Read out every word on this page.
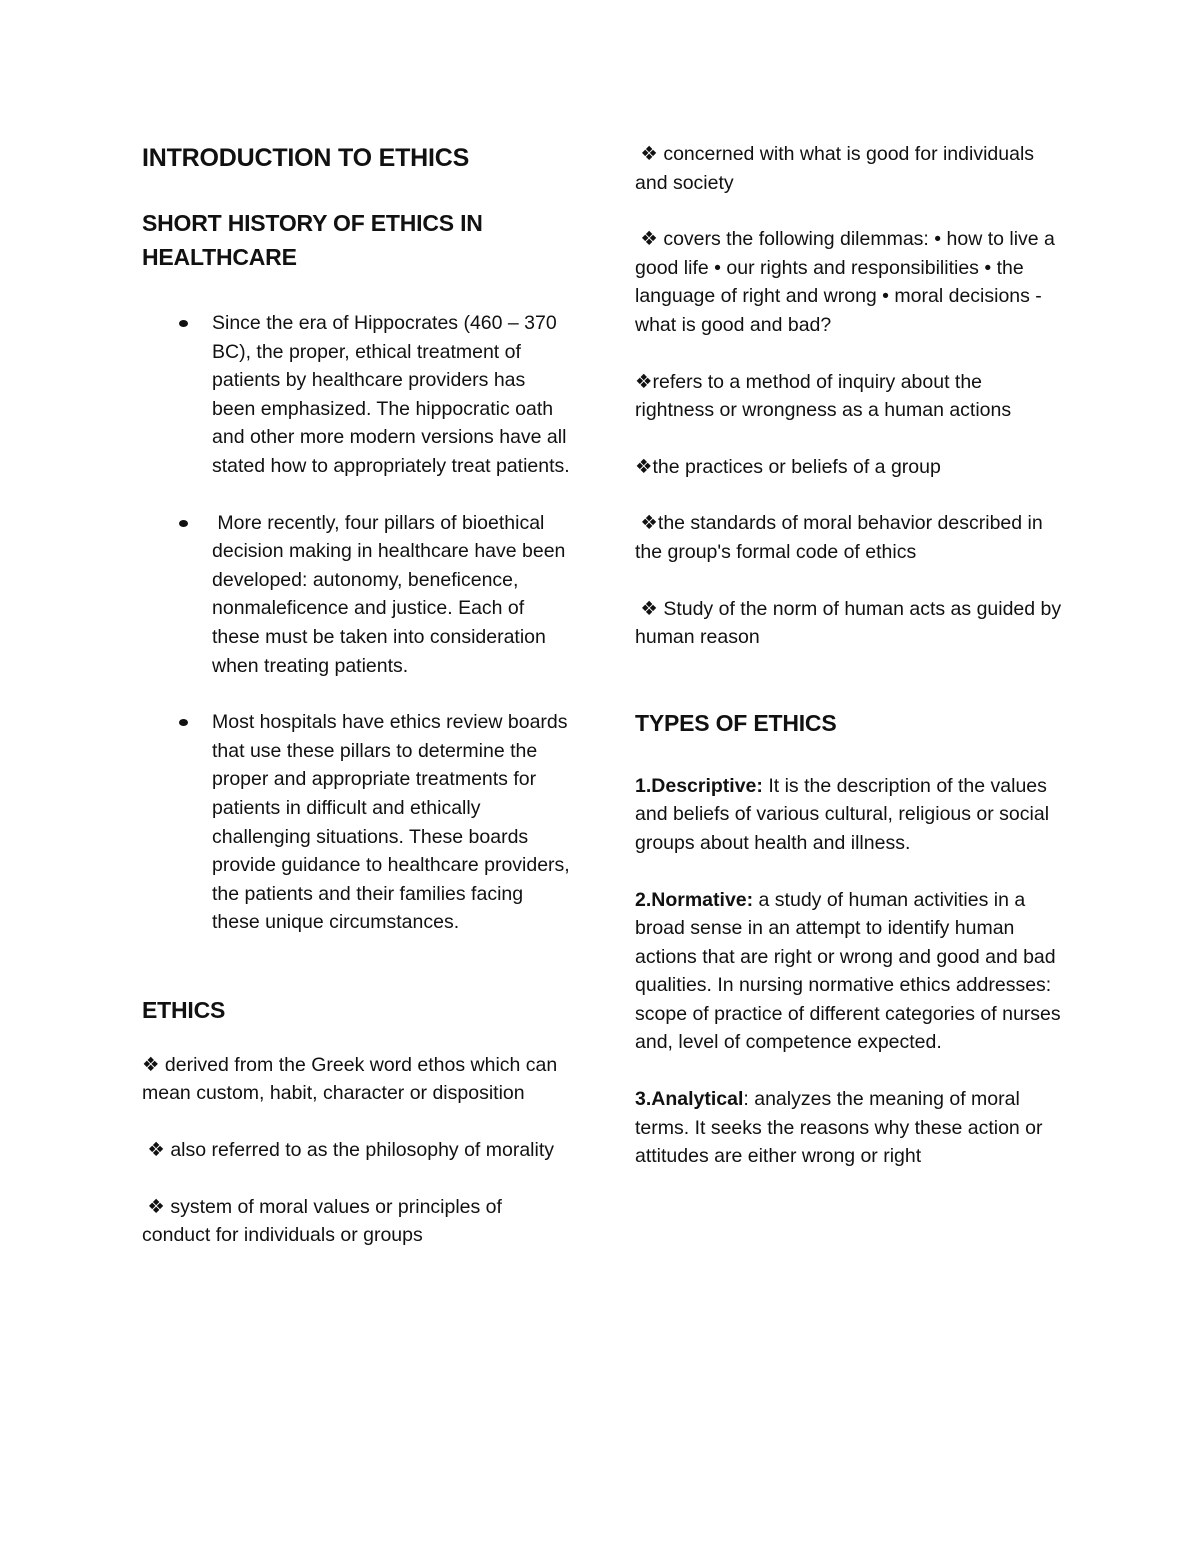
INTRODUCTION TO ETHICS
SHORT HISTORY OF ETHICS IN
HEALTHCARE
Since the era of Hippocrates (460 – 370 BC), the proper, ethical treatment of patients by healthcare providers has been emphasized. The hippocratic oath and other more modern versions have all stated how to appropriately treat patients.
More recently, four pillars of bioethical decision making in healthcare have been developed: autonomy, beneficence, nonmaleficence and justice. Each of these must be taken into consideration when treating patients.
Most hospitals have ethics review boards that use these pillars to determine the proper and appropriate treatments for patients in difficult and ethically challenging situations. These boards provide guidance to healthcare providers, the patients and their families facing these unique circumstances.
ETHICS

❖ derived from the Greek word ethos which can mean custom, habit, character or disposition

❖ also referred to as the philosophy of morality

❖ system of moral values or principles of conduct for individuals or groups

❖ concerned with what is good for individuals and society

❖ covers the following dilemmas: • how to live a good life • our rights and responsibilities • the language of right and wrong • moral decisions - what is good and bad?

❖refers to a method of inquiry about the rightness or wrongness as a human actions

❖the practices or beliefs of a group

❖the standards of moral behavior described in the group's formal code of ethics

❖ Study of the norm of human acts as guided by human reason

TYPES OF ETHICS

1.Descriptive: It is the description of the values and beliefs of various cultural, religious or social groups about health and illness.

2.Normative: a study of human activities in a broad sense in an attempt to identify human actions that are right or wrong and good and bad qualities. In nursing normative ethics addresses: scope of practice of different categories of nurses and, level of competence expected.

3.Analytical: analyzes the meaning of moral terms. It seeks the reasons why these action or attitudes are either wrong or right
